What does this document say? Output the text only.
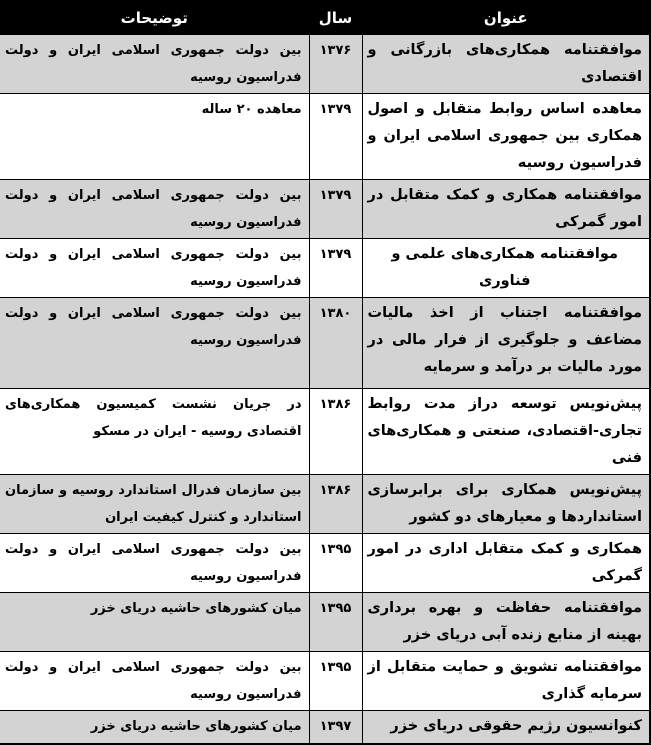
عنوان	سال	توضیحات
موافقتنامه همکاری‌های بازرگانی و اقتصادی	۱۳۷۶	بین دولت جمهوری اسلامی ایران و دولت فدراسیون روسیه
معاهده اساس روابط متقابل و اصول همکاری بین جمهوری اسلامی ایران و فدراسیون روسیه	۱۳۷۹	معاهده ۲۰ ساله
موافقتنامه همکاری و کمک متقابل در امور گمرکی	۱۳۷۹	بین دولت جمهوری اسلامی ایران و دولت فدراسیون روسیه
موافقتنامه همکاری‌های علمی و فناوری	۱۳۷۹	بین دولت جمهوری اسلامی ایران و دولت فدراسیون روسیه
موافقتنامه اجتناب از اخذ مالیات مضاعف و جلوگیری از فرار مالی در مورد مالیات بر درآمد و سرمایه	۱۳۸۰	بین دولت جمهوری اسلامی ایران و دولت فدراسیون روسیه
پیش‌نویس توسعه دراز مدت روابط تجاری-اقتصادی، صنعتی و همکاری‌های فنی	۱۳۸۶	در جریان نشست کمیسیون همکاری‌های اقتصادی روسیه - ایران در مسکو
پیش‌نویس همکاری برای برابرسازی استانداردها و معیارهای دو کشور	۱۳۸۶	بین سازمان فدرال استاندارد روسیه و سازمان استاندارد و کنترل کیفیت ایران
همکاری و کمک متقابل اداری در امور گمرکی	۱۳۹۵	بین دولت جمهوری اسلامی ایران و دولت فدراسیون روسیه
موافقتنامه حفاظت و بهره برداری بهینه از منابع زنده آبی دریای خزر	۱۳۹۵	میان کشورهای حاشیه دریای خزر
موافقتنامه تشویق و حمایت متقابل از سرمایه گذاری	۱۳۹۵	بین دولت جمهوری اسلامی ایران و دولت فدراسیون روسیه
کنوانسیون رژیم حقوقی دریای خزر	۱۳۹۷	میان کشورهای حاشیه دریای خزر
